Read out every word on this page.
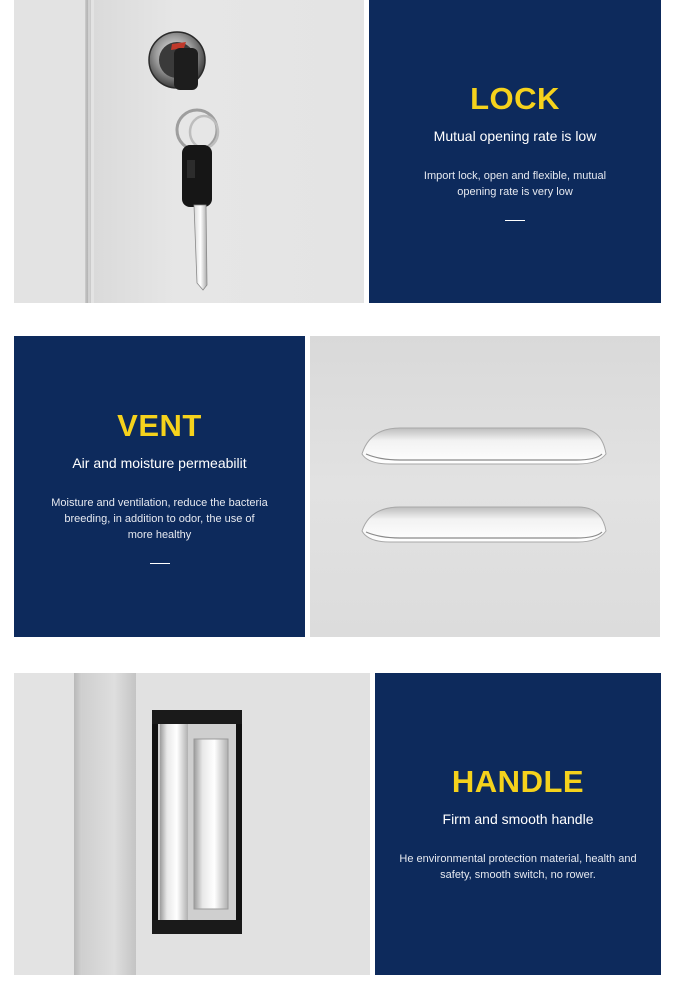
LOCK
Mutual opening rate is low
Import lock, open and flexible, mutual
opening rate is very low
VENT
Air and moisture permeabilit
Moisture and ventilation, reduce the bacteria
breeding, in addition to odor, the use of
more healthy
HANDLE
Firm and smooth handle
He environmental protection material, health and
safety, smooth switch, no rower.
